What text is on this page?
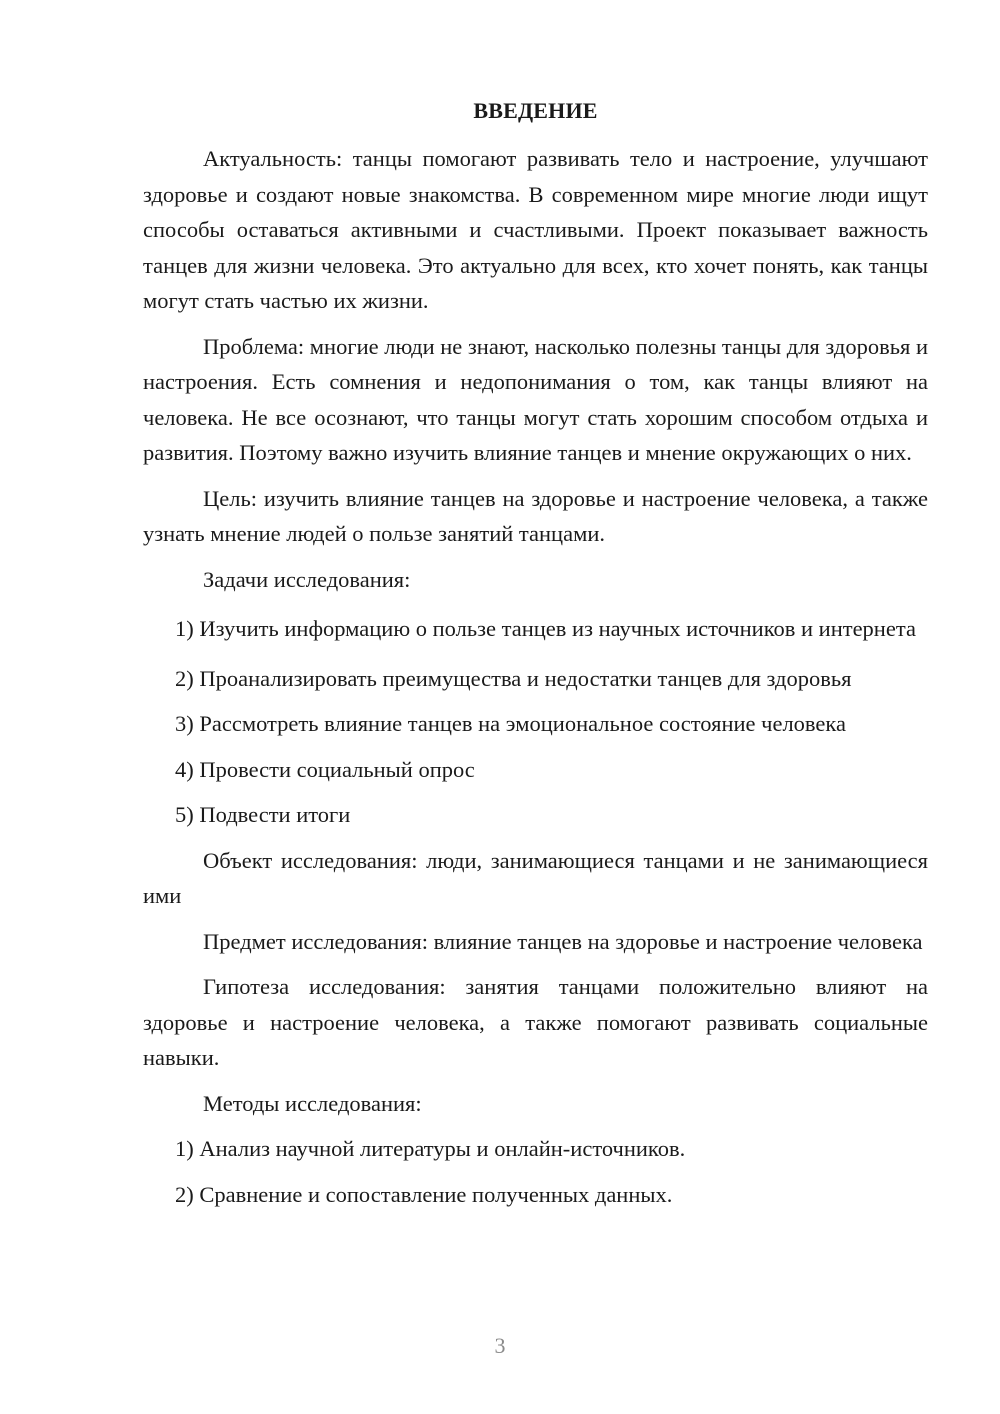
ВВЕДЕНИЕ

Актуальность: танцы помогают развивать тело и настроение, улучшают здоровье и создают новые знакомства. В современном мире многие люди ищут способы оставаться активными и счастливыми. Проект показывает важность танцев для жизни человека. Это актуально для всех, кто хочет понять, как танцы могут стать частью их жизни.

Проблема: многие люди не знают, насколько полезны танцы для здоровья и настроения. Есть сомнения и недопонимания о том, как танцы влияют на человека. Не все осознают, что танцы могут стать хорошим способом отдыха и развития. Поэтому важно изучить влияние танцев и мнение окружающих о них.

Цель: изучить влияние танцев на здоровье и настроение человека, а также узнать мнение людей о пользе занятий танцами.

Задачи исследования:

1) Изучить информацию о пользе танцев из научных источников и интернета

2) Проанализировать преимущества и недостатки танцев для здоровья

3) Рассмотреть влияние танцев на эмоциональное состояние человека

4) Провести социальный опрос

5) Подвести итоги

Объект исследования: люди, занимающиеся танцами и не занимающиеся ими

Предмет исследования: влияние танцев на здоровье и настроение человека

Гипотеза исследования: занятия танцами положительно влияют на здоровье и настроение человека, а также помогают развивать социальные навыки.

Методы исследования:

1) Анализ научной литературы и онлайн-источников.

2) Сравнение и сопоставление полученных данных.

3
